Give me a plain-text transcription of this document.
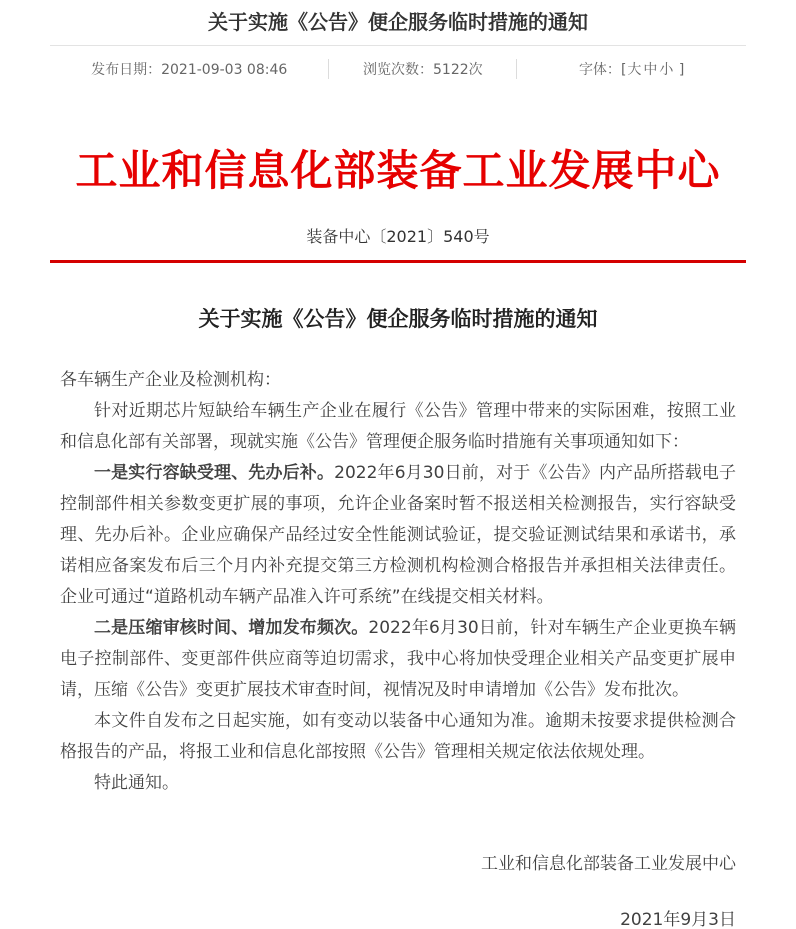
关于实施《公告》便企服务临时措施的通知
发布日期：2021-09-03 08:46	浏览次数：5122次	字体：[大 中 小 ]
工业和信息化部装备工业发展中心
装备中心〔2021〕540号
关于实施《公告》便企服务临时措施的通知

各车辆生产企业及检测机构：

针对近期芯片短缺给车辆生产企业在履行《公告》管理中带来的实际困难，按照工业和信息化部有关部署，现就实施《公告》管理便企服务临时措施有关事项通知如下：

一是实行容缺受理、先办后补。2022年6月30日前，对于《公告》内产品所搭载电子控制部件相关参数变更扩展的事项，允许企业备案时暂不报送相关检测报告，实行容缺受理、先办后补。企业应确保产品经过安全性能测试验证，提交验证测试结果和承诺书，承诺相应备案发布后三个月内补充提交第三方检测机构检测合格报告并承担相关法律责任。企业可通过“道路机动车辆产品准入许可系统”在线提交相关材料。

二是压缩审核时间、增加发布频次。2022年6月30日前，针对车辆生产企业更换车辆电子控制部件、变更部件供应商等迫切需求，我中心将加快受理企业相关产品变更扩展申请，压缩《公告》变更扩展技术审查时间，视情况及时申请增加《公告》发布批次。

本文件自发布之日起实施，如有变动以装备中心通知为准。逾期未按要求提供检测合格报告的产品，将报工业和信息化部按照《公告》管理相关规定依法依规处理。

特此通知。

工业和信息化部装备工业发展中心
2021年9月3日
